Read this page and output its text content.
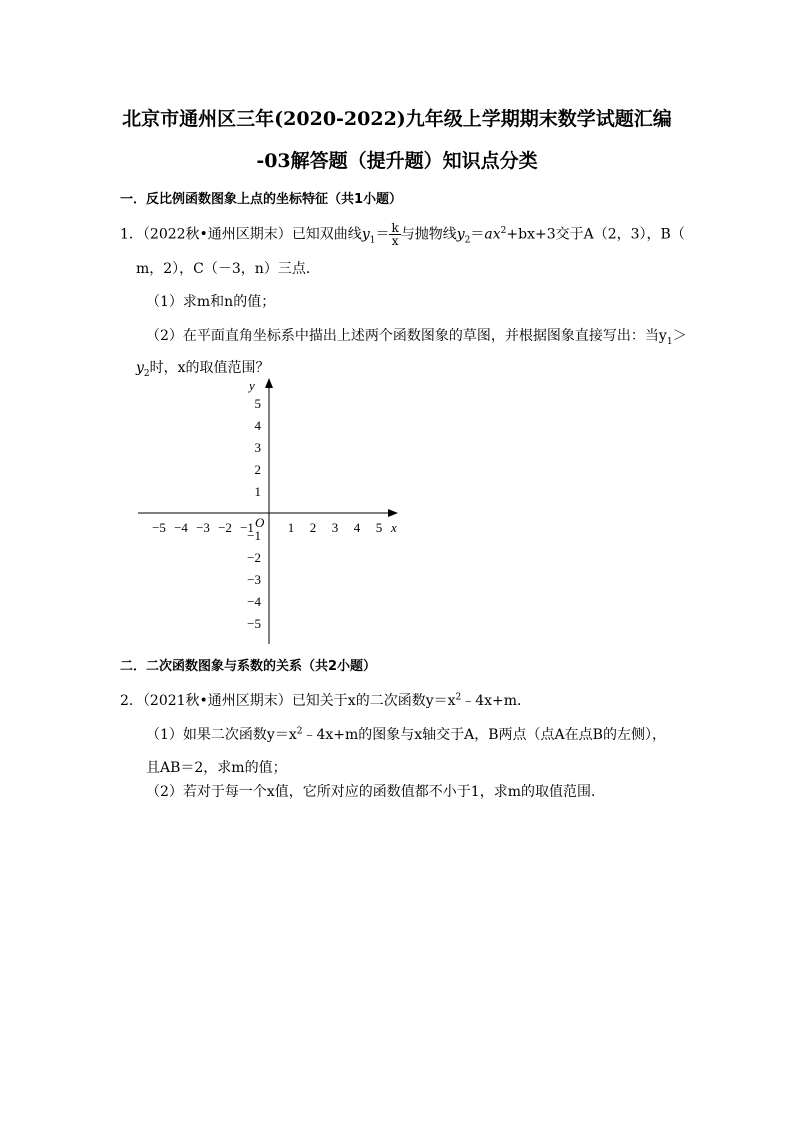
北京市通州区三年(2020-2022)九年级上学期期末数学试题汇编
-03解答题（提升题）知识点分类
一．反比例函数图象上点的坐标特征（共1小题）
1．（2022秋•通州区期末）已知双曲线$y_1= \frac{k}{x}$ 与抛物线$y_2=ax^2+bx+3$交于A（2，3），B（
m，2），C（－3，n）三点．
（1）求m和n的值；
（2）在平面直角坐标系中描出上述两个函数图象的草图，并根据图象直接写出：当$y_1>$
$y_2$时，x的取值范围？
y
x
O
−5 −4 −3 −2 −1	1 2 3 4 5
5
4
3
2
1
−1
−2
−3
−4
−5
二．二次函数图象与系数的关系（共2小题）
2．（2021秋•通州区期末）已知关于x的二次函数$y=x^2﹣4x+m$．
（1）如果二次函数$y=x^2﹣4x+m$的图象与x轴交于A，B两点（点A在点B的左侧），
且AB＝2，求m的值；
（2）若对于每一个x值，它所对应的函数值都不小于1，求m的取值范围．
